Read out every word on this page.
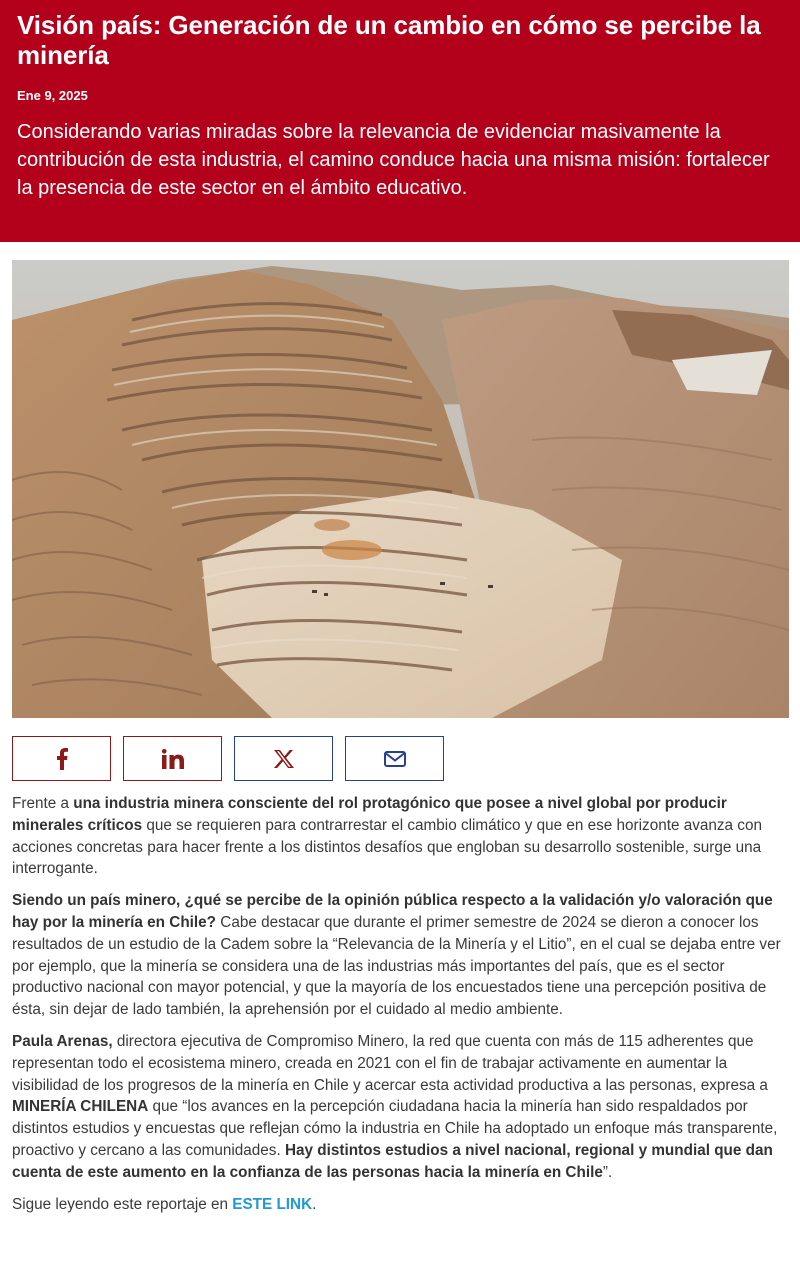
Visión país: Generación de un cambio en cómo se percibe la minería
Ene 9, 2025
Considerando varias miradas sobre la relevancia de evidenciar masivamente la contribución de esta industria, el camino conduce hacia una misma misión: fortalecer la presencia de este sector en el ámbito educativo.

Frente a una industria minera consciente del rol protagónico que posee a nivel global por producir minerales críticos que se requieren para contrarrestar el cambio climático y que en ese horizonte avanza con acciones concretas para hacer frente a los distintos desafíos que engloban su desarrollo sostenible, surge una interrogante.

Siendo un país minero, ¿qué se percibe de la opinión pública respecto a la validación y/o valoración que hay por la minería en Chile? Cabe destacar que durante el primer semestre de 2024 se dieron a conocer los resultados de un estudio de la Cadem sobre la “Relevancia de la Minería y el Litio”, en el cual se dejaba entre ver por ejemplo, que la minería se considera una de las industrias más importantes del país, que es el sector productivo nacional con mayor potencial, y que la mayoría de los encuestados tiene una percepción positiva de ésta, sin dejar de lado también, la aprehensión por el cuidado al medio ambiente.

Paula Arenas, directora ejecutiva de Compromiso Minero, la red que cuenta con más de 115 adherentes que representan todo el ecosistema minero, creada en 2021 con el fin de trabajar activamente en aumentar la visibilidad de los progresos de la minería en Chile y acercar esta actividad productiva a las personas, expresa a MINERÍA CHILENA que “los avances en la percepción ciudadana hacia la minería han sido respaldados por distintos estudios y encuestas que reflejan cómo la industria en Chile ha adoptado un enfoque más transparente, proactivo y cercano a las comunidades. Hay distintos estudios a nivel nacional, regional y mundial que dan cuenta de este aumento en la confianza de las personas hacia la minería en Chile”.

Sigue leyendo este reportaje en ESTE LINK.
